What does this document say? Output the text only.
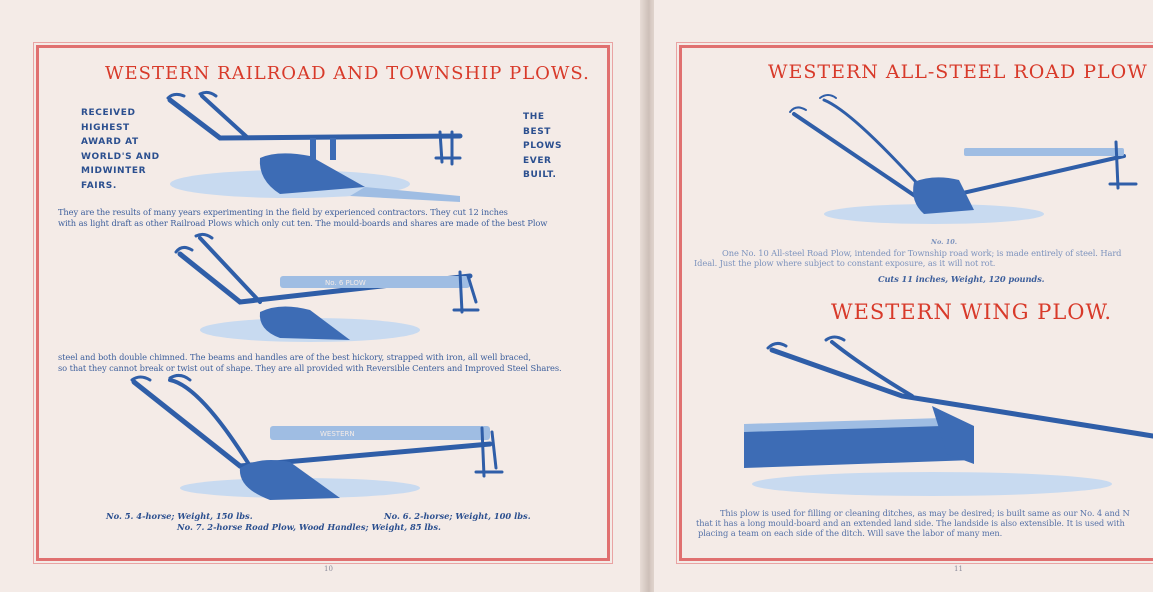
WESTERN RAILROAD AND TOWNSHIP PLOWS.
RECEIVED
HIGHEST
AWARD AT
WORLD'S AND
MIDWINTER
FAIRS.
THE
BEST
PLOWS
EVER
BUILT.
They are the results of many years experimenting in the field by experienced contractors. They cut 12 inches
with as light draft as other Railroad Plows which only cut ten. The mould-boards and shares are made of the best Plow
No. 6 PLOW
steel and both double chimned. The beams and handles are of the best hickory, strapped with iron, all well braced,
so that they cannot break or twist out of shape. They are all provided with Reversible Centers and Improved Steel Shares.
WESTERN
No. 5. 4-horse; Weight, 150 lbs.	No. 6. 2-horse; Weight, 100 lbs.
No. 7. 2-horse Road Plow, Wood Handles; Weight, 85 lbs.
10
WESTERN ALL-STEEL ROAD PLOW
No. 10.
One No. 10 All-steel Road Plow, intended for Township road work; is made entirely of steel. Hard
Ideal. Just the plow where subject to constant exposure, as it will not rot.
Cuts 11 inches, Weight, 120 pounds.
WESTERN WING PLOW.
This plow is used for filling or cleaning ditches, as may be desired; is built same as our No. 4 and N
that it has a long mould-board and an extended land side. The landside is also extensible. It is used with
placing a team on each side of the ditch. Will save the labor of many men.
11
